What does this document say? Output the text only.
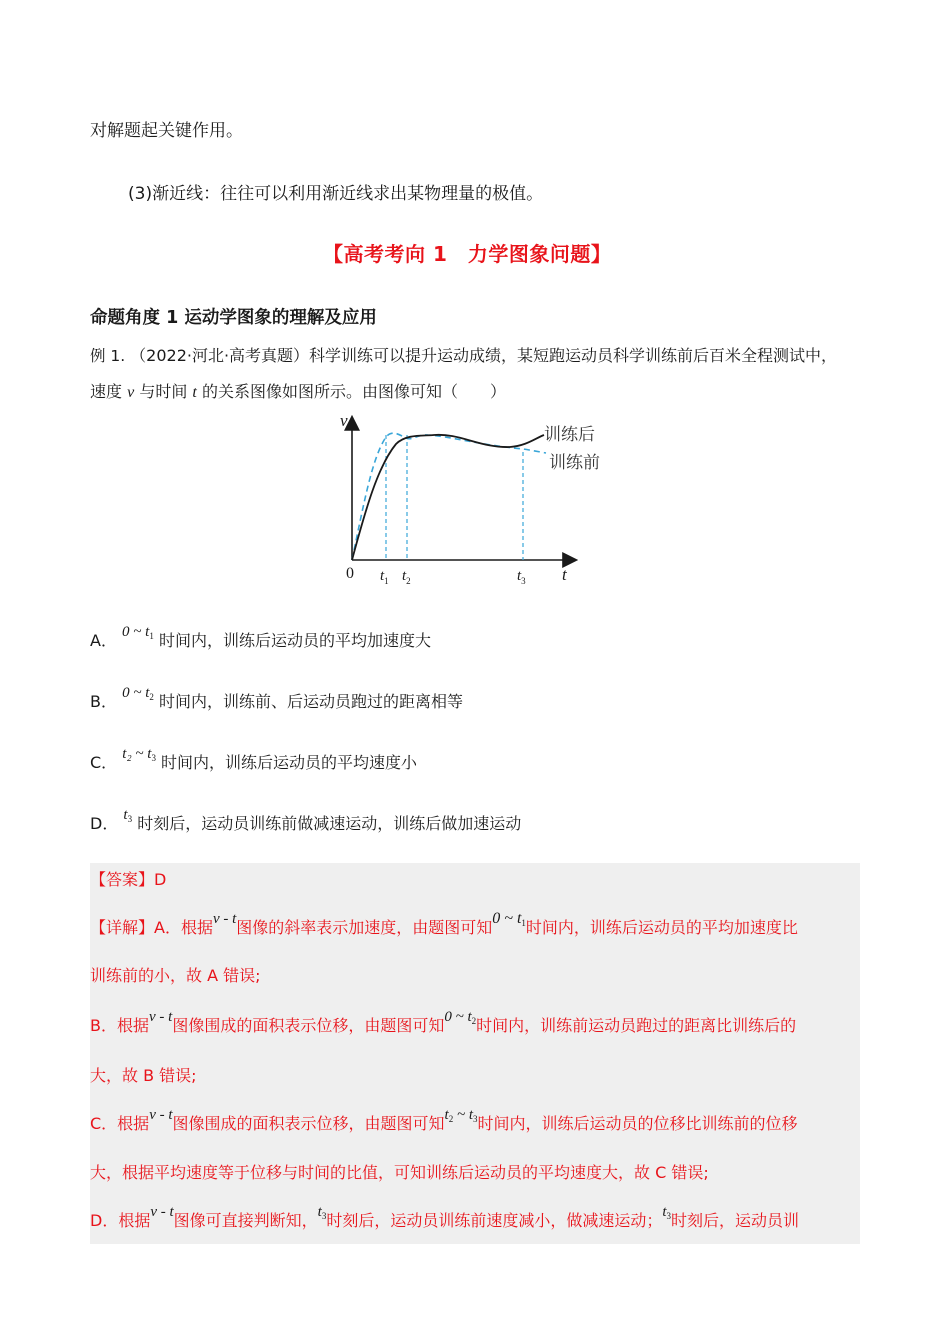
对解题起关键作用。
(3)渐近线：往往可以利用渐近线求出某物理量的极值。
【高考考向 1　力学图象问题】
命题角度 1 运动学图象的理解及应用
例 1. （2022·河北·高考真题）科学训练可以提升运动成绩，某短跑运动员科学训练前后百米全程测试中，
速度 v 与时间 t 的关系图像如图所示。由图像可知（　　）
v
t
0 $t_1$ $t_2$	$t_3$
训练后
训练前
A． 0 ~ $t_1$ 时间内，训练后运动员的平均加速度大
B． 0 ~ $t_2$ 时间内，训练前、后运动员跑过的距离相等
C． t₂ ~ $t_3$ 时间内，训练后运动员的平均速度小
D． $t_3$ 时刻后，运动员训练前做减速运动，训练后做加速运动
【答案】D
【详解】A．根据v - t图像的斜率表示加速度，由题图可知0 ~ $t_1$时间内，训练后运动员的平均加速度比
训练前的小，故 A 错误;
B．根据v - t图像围成的面积表示位移，由题图可知0 ~ $t_2$时间内，训练前运动员跑过的距离比训练后的
大，故 B 错误;
C．根据v - t图像围成的面积表示位移，由题图可知$t_2$ ~ $t_3$时间内，训练后运动员的位移比训练前的位移
大，根据平均速度等于位移与时间的比值，可知训练后运动员的平均速度大，故 C 错误;
D．根据v - t图像可直接判断知，$t_3$时刻后，运动员训练前速度减小，做减速运动；$t_3$时刻后，运动员训
